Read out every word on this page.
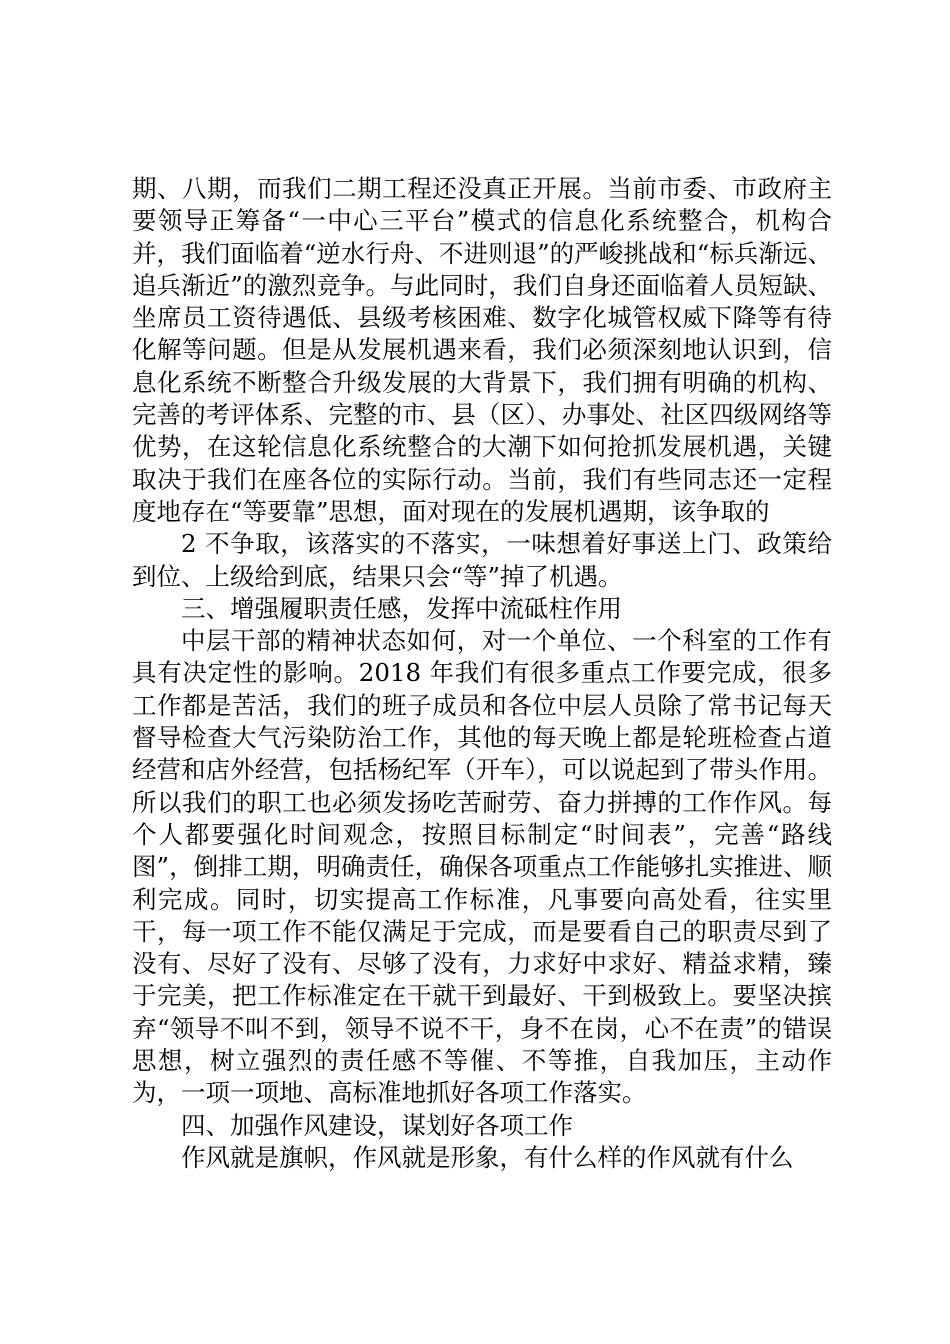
期、八期，而我们二期工程还没真正开展。当前市委、市政府主要领导正筹备“一中心三平台”模式的信息化系统整合，机构合并，我们面临着“逆水行舟、不进则退”的严峻挑战和“标兵渐远、追兵渐近”的激烈竞争。与此同时，我们自身还面临着人员短缺、坐席员工资待遇低、县级考核困难、数字化城管权威下降等有待化解等问题。但是从发展机遇来看，我们必须深刻地认识到，信息化系统不断整合升级发展的大背景下，我们拥有明确的机构、完善的考评体系、完整的市、县（区）、办事处、社区四级网络等优势，在这轮信息化系统整合的大潮下如何抢抓发展机遇，关键取决于我们在座各位的实际行动。当前，我们有些同志还一定程度地存在“等要靠”思想，面对现在的发展机遇期，该争取的

2 不争取，该落实的不落实，一味想着好事送上门、政策给到位、上级给到底，结果只会“等”掉了机遇。

三、增强履职责任感，发挥中流砥柱作用

中层干部的精神状态如何，对一个单位、一个科室的工作有具有决定性的影响。2018 年我们有很多重点工作要完成，很多工作都是苦活，我们的班子成员和各位中层人员除了常书记每天督导检查大气污染防治工作，其他的每天晚上都是轮班检查占道经营和店外经营，包括杨纪军（开车），可以说起到了带头作用。所以我们的职工也必须发扬吃苦耐劳、奋力拼搏的工作作风。每个人都要强化时间观念，按照目标制定“时间表”，完善“路线图”，倒排工期，明确责任，确保各项重点工作能够扎实推进、顺利完成。同时，切实提高工作标准，凡事要向高处看，往实里干，每一项工作不能仅满足于完成，而是要看自己的职责尽到了没有、尽好了没有、尽够了没有，力求好中求好、精益求精，臻于完美，把工作标准定在干就干到最好、干到极致上。要坚决摈弃“领导不叫不到，领导不说不干，身不在岗，心不在责”的错误思想，树立强烈的责任感不等催、不等推，自我加压，主动作为，一项一项地、高标准地抓好各项工作落实。

四、加强作风建设，谋划好各项工作

作风就是旗帜，作风就是形象，有什么样的作风就有什么
